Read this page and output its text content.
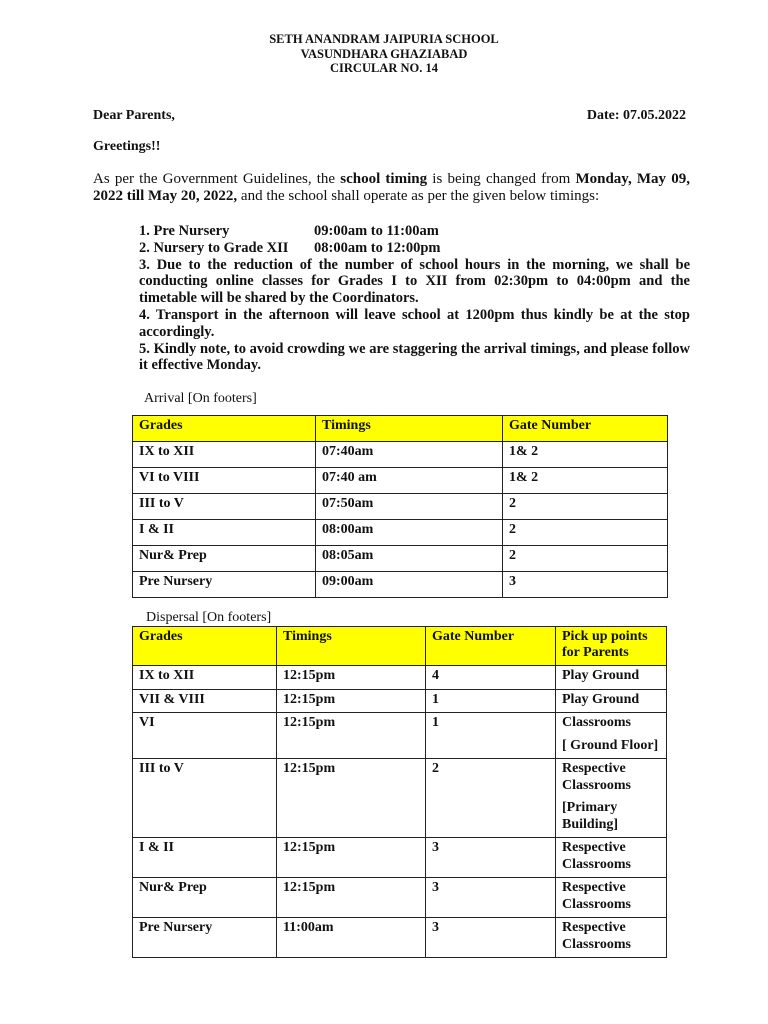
SETH ANANDRAM JAIPURIA SCHOOL
VASUNDHARA GHAZIABAD
CIRCULAR NO. 14
Dear Parents,	Date: 07.05.2022
Greetings!!
As per the Government Guidelines, the school timing is being changed from Monday, May 09, 2022 till May 20, 2022, and the school shall operate as per the given below timings:
1. Pre Nursery	09:00am to 11:00am
2. Nursery to Grade XII	08:00am to 12:00pm

3. Due to the reduction of the number of school hours in the morning, we shall be conducting online classes for Grades I to XII from 02:30pm to 04:00pm and the timetable will be shared by the Coordinators.

4. Transport in the afternoon will leave school at 1200pm thus kindly be at the stop accordingly.

5. Kindly note, to avoid crowding we are staggering the arrival timings, and please follow it effective Monday.

Arrival [On footers]
Grades	Timings	Gate Number
IX to XII	07:40am	1& 2
VI to VIII	07:40 am	1& 2
III to V	07:50am	2
I & II	08:00am	2
Nur& Prep	08:05am	2
Pre Nursery	09:00am	3
Dispersal [On footers]
Grades	Timings	Gate Number	Pick up points for Parents
IX to XII	12:15pm	4	Play Ground
VII & VIII	12:15pm	1	Play Ground
VI	12:15pm	1	Classrooms
[ Ground Floor]

III to V	12:15pm	2	Respective Classrooms
[Primary Building]

I & II	12:15pm	3	Respective Classrooms
Nur& Prep	12:15pm	3	Respective Classrooms
Pre Nursery	11:00am	3	Respective Classrooms
